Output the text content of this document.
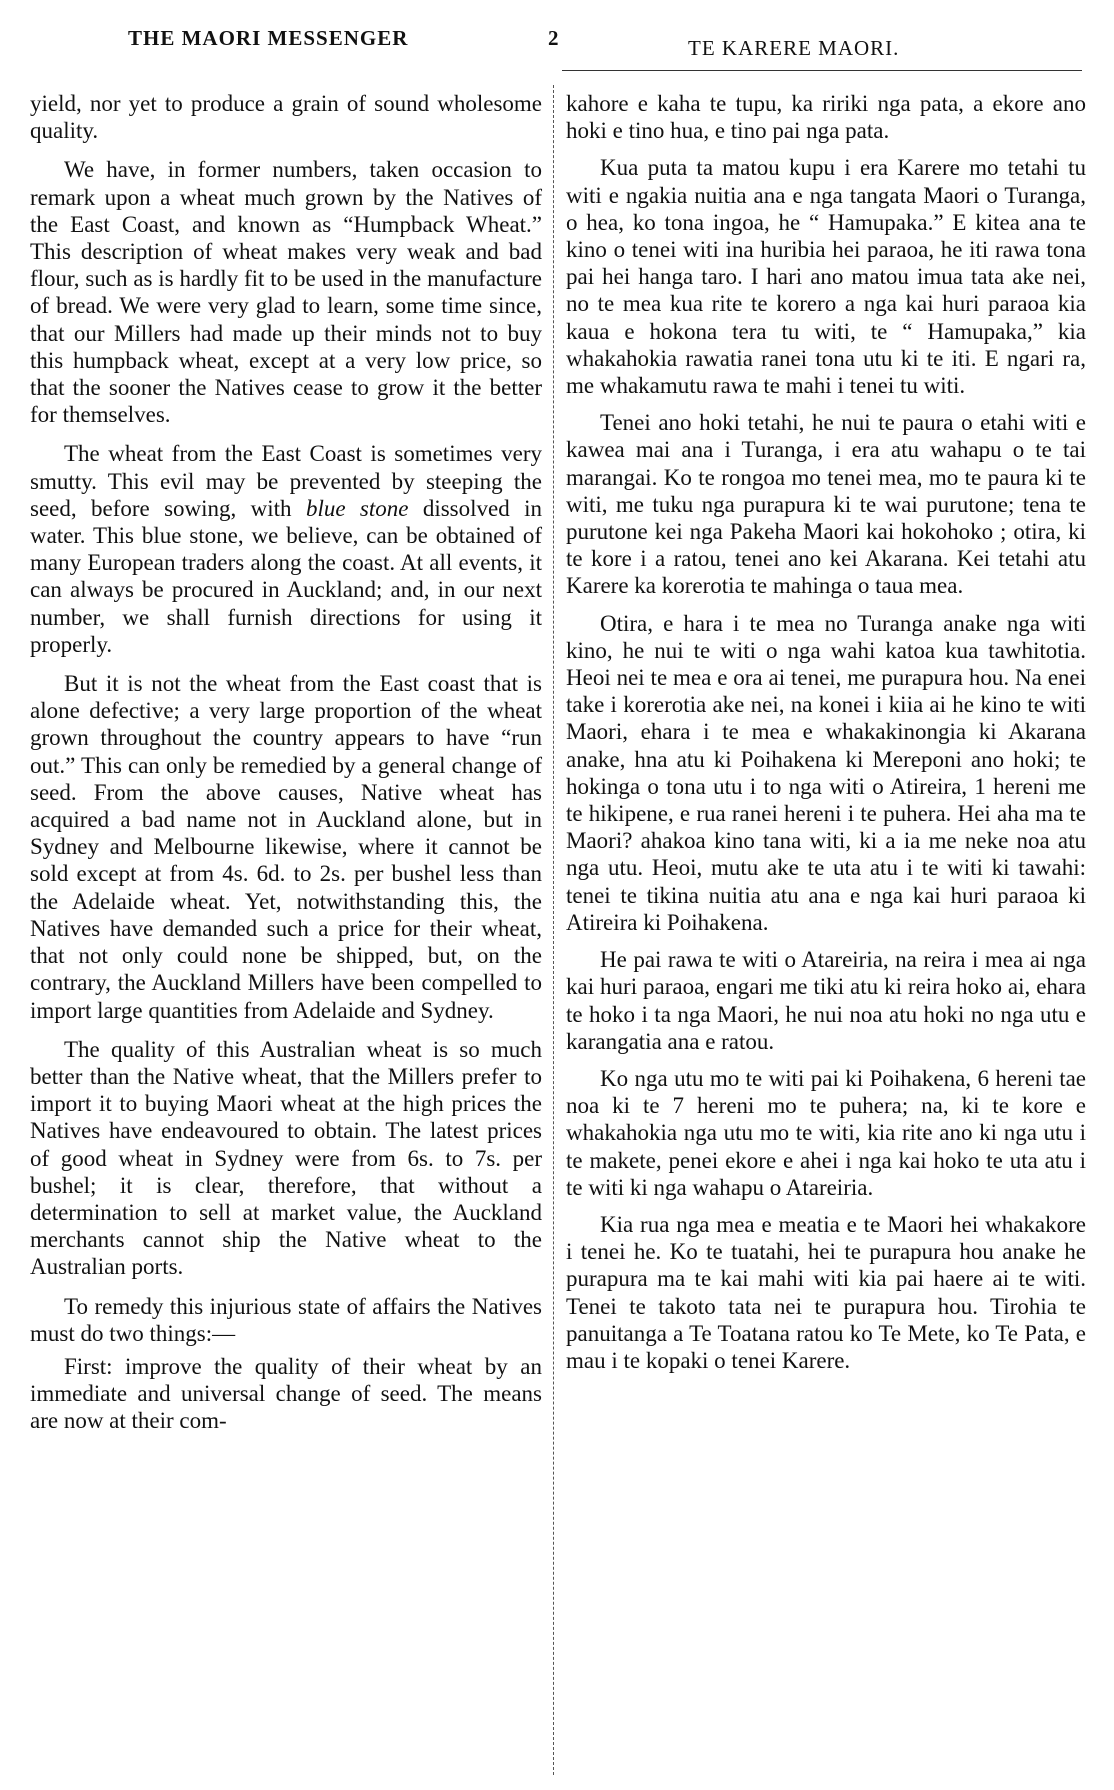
THE MAORI MESSENGER	2	TE KARERE MAORI.

yield, nor yet to produce a grain of sound wholesome quality.

We have, in former numbers, taken occasion to remark upon a wheat much grown by the Natives of the East Coast, and known as “Humpback Wheat.” This description of wheat makes very weak and bad flour, such as is hardly fit to be used in the manufacture of bread. We were very glad to learn, some time since, that our Millers had made up their minds not to buy this humpback wheat, except at a very low price, so that the sooner the Natives cease to grow it the better for themselves.

The wheat from the East Coast is sometimes very smutty. This evil may be prevented by steeping the seed, before sowing, with blue stone dissolved in water. This blue stone, we believe, can be obtained of many European traders along the coast. At all events, it can always be procured in Auckland; and, in our next number, we shall furnish directions for using it properly.

But it is not the wheat from the East coast that is alone defective; a very large proportion of the wheat grown throughout the country appears to have “run out.” This can only be remedied by a general change of seed. From the above causes, Native wheat has acquired a bad name not in Auckland alone, but in Sydney and Melbourne likewise, where it cannot be sold except at from 4s. 6d. to 2s. per bushel less than the Adelaide wheat. Yet, notwithstanding this, the Natives have demanded such a price for their wheat, that not only could none be shipped, but, on the contrary, the Auckland Millers have been compelled to import large quantities from Adelaide and Sydney.

The quality of this Australian wheat is so much better than the Native wheat, that the Millers prefer to import it to buying Maori wheat at the high prices the Natives have endeavoured to obtain. The latest prices of good wheat in Sydney were from 6s. to 7s. per bushel; it is clear, therefore, that without a determination to sell at market value, the Auckland merchants cannot ship the Native wheat to the Australian ports.

To remedy this injurious state of affairs the Natives must do two things:—

First: improve the quality of their wheat by an immediate and universal change of seed. The means are now at their com-

kahore e kaha te tupu, ka ririki nga pata, a ekore ano hoki e tino hua, e tino pai nga pata.

Kua puta ta matou kupu i era Karere mo tetahi tu witi e ngakia nuitia ana e nga tangata Maori o Turanga, o hea, ko tona ingoa, he “ Hamupaka.” E kitea ana te kino o tenei witi ina huribia hei paraoa, he iti rawa tona pai hei hanga taro. I hari ano matou imua tata ake nei, no te mea kua rite te korero a nga kai huri paraoa kia kaua e hokona tera tu witi, te “ Hamupaka,” kia whakahokia rawatia ranei tona utu ki te iti. E ngari ra, me whakamutu rawa te mahi i tenei tu witi.

Tenei ano hoki tetahi, he nui te paura o etahi witi e kawea mai ana i Turanga, i era atu wahapu o te tai marangai. Ko te rongoa mo tenei mea, mo te paura ki te witi, me tuku nga purapura ki te wai purutone; tena te purutone kei nga Pakeha Maori kai hokohoko ; otira, ki te kore i a ratou, tenei ano kei Akarana. Kei tetahi atu Karere ka korerotia te mahinga o taua mea.

Otira, e hara i te mea no Turanga anake nga witi kino, he nui te witi o nga wahi katoa kua tawhitotia. Heoi nei te mea e ora ai tenei, me purapura hou. Na enei take i korerotia ake nei, na konei i kiia ai he kino te witi Maori, ehara i te mea e whakakinongia ki Akarana anake, hna atu ki Poihakena ki Mereponi ano hoki; te hokinga o tona utu i to nga witi o Atireira, 1 hereni me te hikipene, e rua ranei hereni i te puhera. Hei aha ma te Maori? ahakoa kino tana witi, ki a ia me neke noa atu nga utu. Heoi, mutu ake te uta atu i te witi ki tawahi: tenei te tikina nuitia atu ana e nga kai huri paraoa ki Atireira ki Poihakena.

He pai rawa te witi o Atareiria, na reira i mea ai nga kai huri paraoa, engari me tiki atu ki reira hoko ai, ehara te hoko i ta nga Maori, he nui noa atu hoki no nga utu e karangatia ana e ratou.

Ko nga utu mo te witi pai ki Poihakena, 6 hereni tae noa ki te 7 hereni mo te puhera; na, ki te kore e whakahokia nga utu mo te witi, kia rite ano ki nga utu i te makete, penei ekore e ahei i nga kai hoko te uta atu i te witi ki nga wahapu o Atareiria.

Kia rua nga mea e meatia e te Maori hei whakakore i tenei he. Ko te tuatahi, hei te purapura hou anake he purapura ma te kai mahi witi kia pai haere ai te witi. Tenei te takoto tata nei te purapura hou. Tirohia te panuitanga a Te Toatana ratou ko Te Mete, ko Te Pata, e mau i te kopaki o tenei Karere.
